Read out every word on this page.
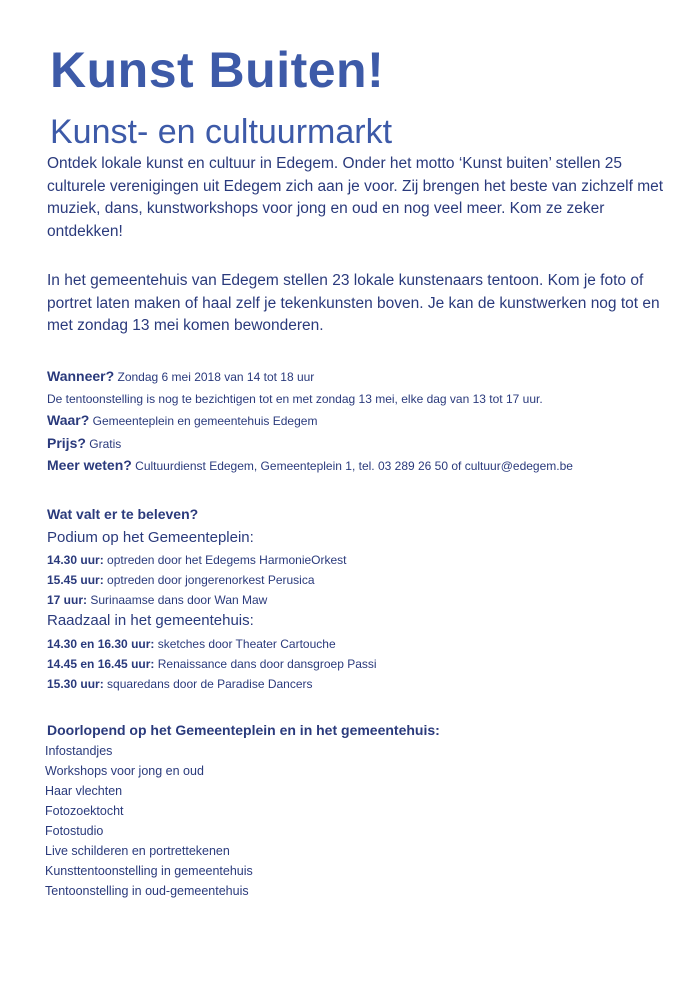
Kunst Buiten!
Kunst- en cultuurmarkt
Ontdek lokale kunst en cultuur in Edegem. Onder het motto ‘Kunst buiten’ stellen 25 culturele verenigingen uit Edegem zich aan je voor. Zij brengen het beste van zichzelf met muziek, dans, kunstworkshops voor jong en oud en nog veel meer. Kom ze zeker ontdekken!
In het gemeentehuis van Edegem stellen 23 lokale kunstenaars tentoon. Kom je foto of portret laten maken of haal zelf je tekenkunsten boven. Je kan de kunstwerken nog tot en met zondag 13 mei komen bewonderen.
Wanneer? Zondag 6 mei 2018 van 14 tot 18 uur
De tentoonstelling is nog te bezichtigen tot en met zondag 13 mei, elke dag van 13 tot 17 uur.
Waar? Gemeenteplein en gemeentehuis Edegem
Prijs? Gratis
Meer weten? Cultuurdienst Edegem, Gemeenteplein 1, tel. 03 289 26 50 of cultuur@edegem.be
Wat valt er te beleven?
Podium op het Gemeenteplein:
14.30 uur: optreden door het Edegems HarmonieOrkest
15.45 uur: optreden door jongerenorkest Perusica
17 uur: Surinaamse dans door Wan Maw
Raadzaal in het gemeentehuis:
14.30 en 16.30 uur: sketches door Theater Cartouche
14.45 en 16.45 uur: Renaissance dans door dansgroep Passi
15.30 uur: squaredans door de Paradise Dancers
Doorlopend op het Gemeenteplein en in het gemeentehuis:
Infostandjes
Workshops voor jong en oud
Haar vlechten
Fotozoektocht
Fotostudio
Live schilderen en portrettekenen
Kunsttentoonstelling in gemeentehuis
Tentoonstelling in oud-gemeentehuis
